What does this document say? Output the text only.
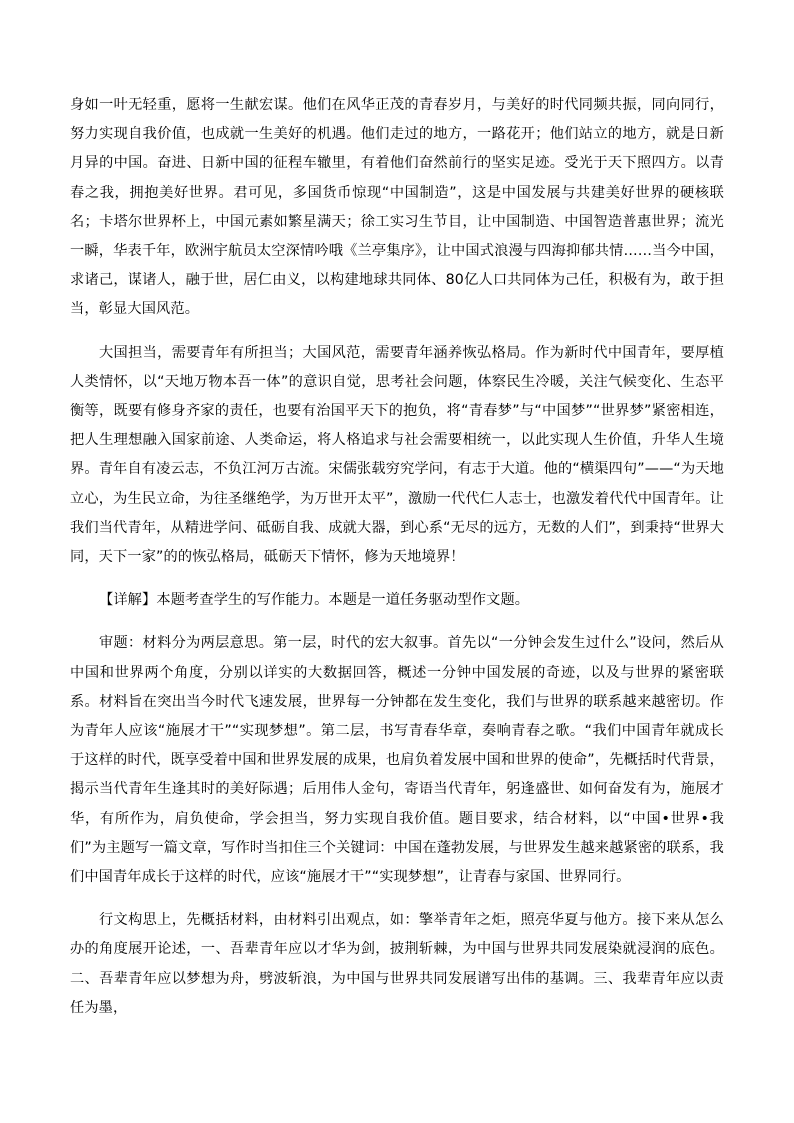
身如一叶无轻重，愿将一生献宏谋。他们在风华正茂的青春岁月，与美好的时代同频共振，同向同行，努力实现自我价值，也成就一生美好的机遇。他们走过的地方，一路花开；他们站立的地方，就是日新月异的中国。奋进、日新中国的征程车辙里，有着他们奋然前行的坚实足迹。受光于天下照四方。以青春之我，拥抱美好世界。君可见，多国货币惊现“中国制造”，这是中国发展与共建美好世界的硬核联名；卡塔尔世界杯上，中国元素如繁星满天；徐工实习生节目，让中国制造、中国智造普惠世界；流光一瞬，华表千年，欧洲宇航员太空深情吟哦《兰亭集序》，让中国式浪漫与四海抑郁共情……当今中国，求诸己，谋诸人，融于世，居仁由义，以构建地球共同体、80亿人口共同体为己任，积极有为，敢于担当，彰显大国风范。

大国担当，需要青年有所担当；大国风范，需要青年涵养恢弘格局。作为新时代中国青年，要厚植人类情怀，以“天地万物本吾一体”的意识自觉，思考社会问题，体察民生冷暖，关注气候变化、生态平衡等，既要有修身齐家的责任，也要有治国平天下的抱负，将“青春梦”与“中国梦”“世界梦”紧密相连，把人生理想融入国家前途、人类命运，将人格追求与社会需要相统一，以此实现人生价值，升华人生境界。青年自有凌云志，不负江河万古流。宋儒张载穷究学问，有志于大道。他的“横渠四句”——“为天地立心，为生民立命，为往圣继绝学，为万世开太平”，激励一代代仁人志士，也激发着代代中国青年。让我们当代青年，从精进学问、砥砺自我、成就大器，到心系“无尽的远方，无数的人们”，到秉持“世界大同，天下一家”的的恢弘格局，砥砺天下情怀，修为天地境界！

【详解】本题考查学生的写作能力。本题是一道任务驱动型作文题。

审题：材料分为两层意思。第一层，时代的宏大叙事。首先以“一分钟会发生过什么”设问，然后从中国和世界两个角度，分别以详实的大数据回答，概述一分钟中国发展的奇迹，以及与世界的紧密联系。材料旨在突出当今时代飞速发展，世界每一分钟都在发生变化，我们与世界的联系越来越密切。作为青年人应该“施展才干”“实现梦想”。第二层，书写青春华章，奏响青春之歌。“我们中国青年就成长于这样的时代，既享受着中国和世界发展的成果，也肩负着发展中国和世界的使命”，先概括时代背景，揭示当代青年生逢其时的美好际遇；后用伟人金句，寄语当代青年，躬逢盛世、如何奋发有为，施展才华，有所作为，肩负使命，学会担当，努力实现自我价值。题目要求，结合材料，以“中国•世界•我们”为主题写一篇文章，写作时当扣住三个关键词：中国在蓬勃发展，与世界发生越来越紧密的联系，我们中国青年成长于这样的时代，应该“施展才干”“实现梦想”，让青春与家国、世界同行。

行文构思上，先概括材料，由材料引出观点，如：擎举青年之炬，照亮华夏与他方。接下来从怎么办的角度展开论述，一、吾辈青年应以才华为剑，披荆斩棘，为中国与世界共同发展染就浸润的底色。二、吾辈青年应以梦想为舟，劈波斩浪，为中国与世界共同发展谱写出伟的基调。三、我辈青年应以责任为墨，
